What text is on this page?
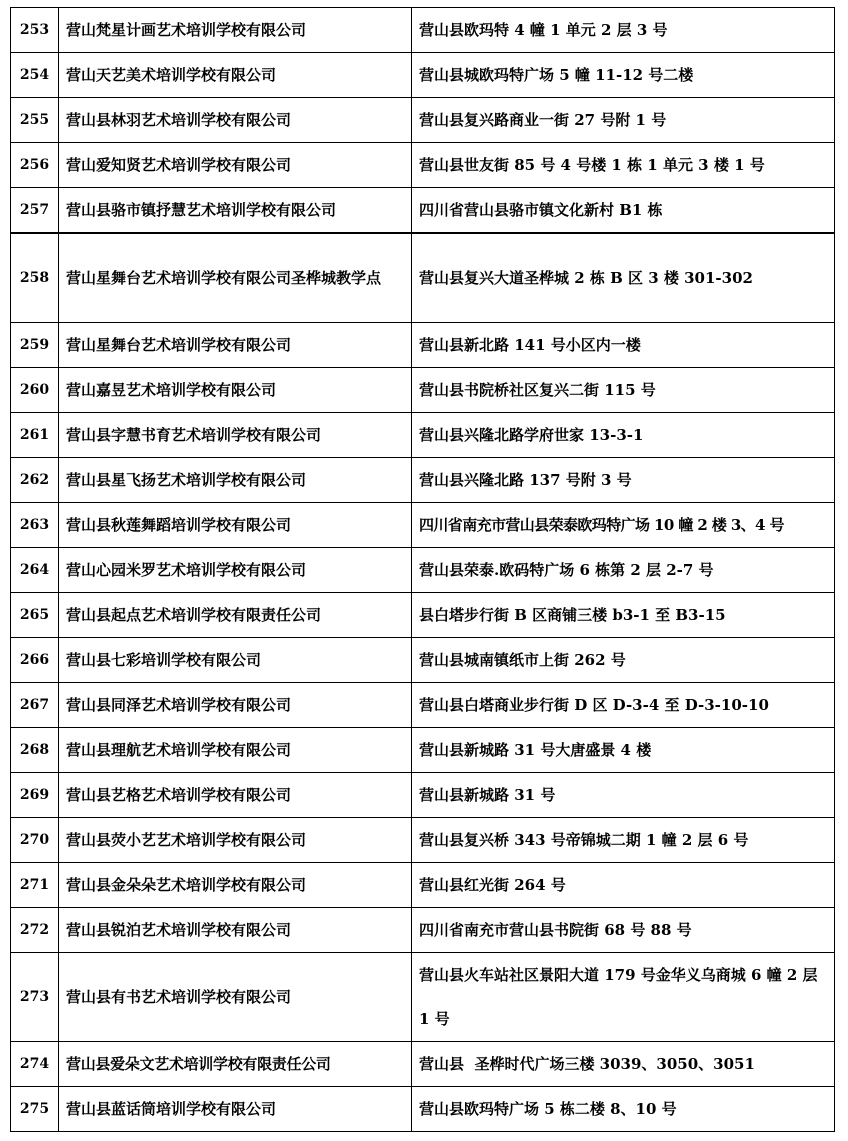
253	营山梵星计画艺术培训学校有限公司	营山县欧玛特 4 幢 1 单元 2 层 3 号
254	营山天艺美术培训学校有限公司	营山县城欧玛特广场 5 幢 11-12 号二楼
255	营山县林羽艺术培训学校有限公司	营山县复兴路商业一街 27 号附 1 号
256	营山爱知贤艺术培训学校有限公司	营山县世友街 85 号 4 号楼 1 栋 1 单元 3 楼 1 号
257	营山县骆市镇抒慧艺术培训学校有限公司	四川省营山县骆市镇文化新村 B1 栋
258	营山星舞台艺术培训学校有限公司圣桦城教学点	营山县复兴大道圣桦城 2 栋 B 区 3 楼 301-302
259	营山星舞台艺术培训学校有限公司	营山县新北路 141 号小区内一楼
260	营山嘉昱艺术培训学校有限公司	营山县书院桥社区复兴二街 115 号
261	营山县字慧书育艺术培训学校有限公司	营山县兴隆北路学府世家 13-3-1
262	营山县星飞扬艺术培训学校有限公司	营山县兴隆北路 137 号附 3 号
263	营山县秋莲舞蹈培训学校有限公司	四川省南充市营山县荣泰欧玛特广场 10 幢 2 楼 3、4 号
264	营山心园米罗艺术培训学校有限公司	营山县荣泰.欧码特广场 6 栋第 2 层 2-7 号
265	营山县起点艺术培训学校有限责任公司	县白塔步行街 B 区商铺三楼 b3-1 至 B3-15
266	营山县七彩培训学校有限公司	营山县城南镇纸市上街 262 号
267	营山县同泽艺术培训学校有限公司	营山县白塔商业步行街 D 区 D-3-4 至 D-3-10-10
268	营山县理航艺术培训学校有限公司	营山县新城路 31 号大唐盛景 4 楼
269	营山县艺格艺术培训学校有限公司	营山县新城路 31 号
270	营山县荧小艺艺术培训学校有限公司	营山县复兴桥 343 号帝锦城二期 1 幢 2 层 6 号
271	营山县金朵朵艺术培训学校有限公司	营山县红光街 264 号
272	营山县锐泊艺术培训学校有限公司	四川省南充市营山县书院街 68 号 88 号
273	营山县有书艺术培训学校有限公司	营山县火车站社区景阳大道 179 号金华义乌商城 6 幢 2 层 1 号
274	营山县爱朵文艺术培训学校有限责任公司	营山县  圣桦时代广场三楼 3039、3050、3051
275	营山县蓝话筒培训学校有限公司	营山县欧玛特广场 5 栋二楼 8、10 号
